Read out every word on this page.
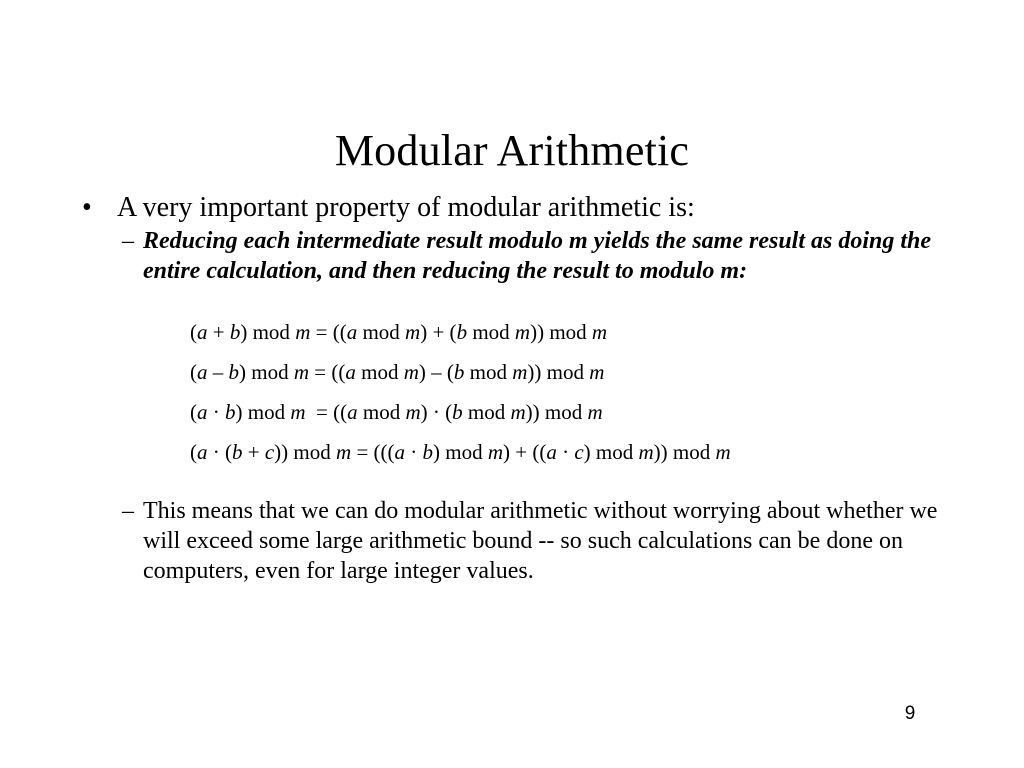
Modular Arithmetic
• A very important property of modular arithmetic is:
– Reducing each intermediate result modulo m yields the same result as doing the entire calculation, and then reducing the result to modulo m:
(a + b) mod m = ((a mod m) + (b mod m)) mod m
(a – b) mod m = ((a mod m) – (b mod m)) mod m
(a · b) mod m  = ((a mod m) · (b mod m)) mod m
(a · (b + c)) mod m = (((a · b) mod m) + ((a · c) mod m)) mod m
– This means that we can do modular arithmetic without worrying about whether we will exceed some large arithmetic bound -- so such calculations can be done on computers, even for large integer values.
9
